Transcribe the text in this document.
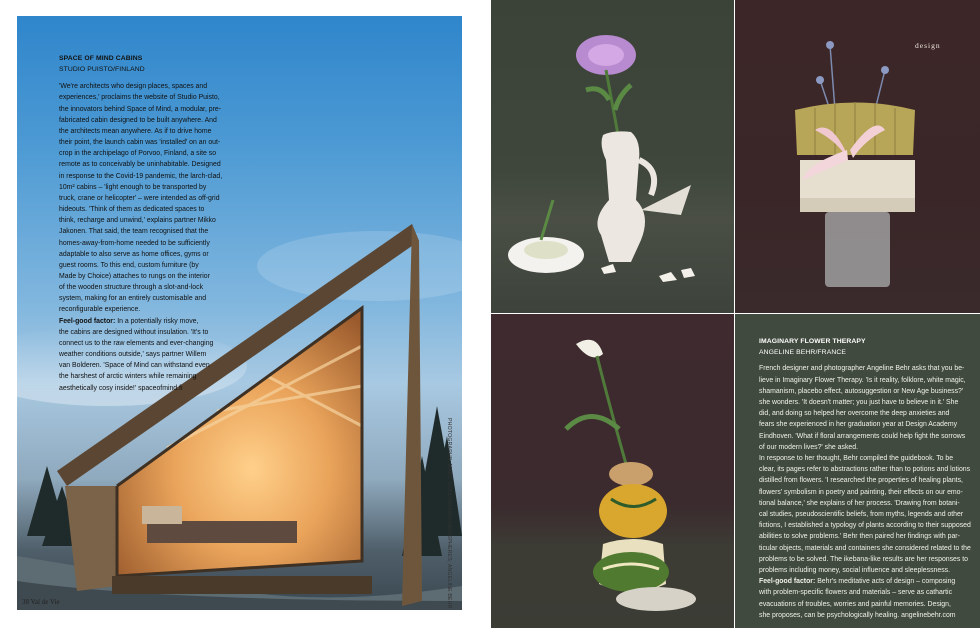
SPACE OF MIND CABINS
STUDIO PUISTO/FINLAND

'We're architects who design places, spaces and

experiences,' proclaims the website of Studio Puisto,

the innovators behind Space of Mind, a modular, pre-

fabricated cabin designed to be built anywhere. And

the architects mean anywhere. As if to drive home

their point, the launch cabin was 'installed' on an out-

crop in the archipelago of Porvoo, Finland, a site so

remote as to conceivably be uninhabitable. Designed

in response to the Covid-19 pandemic, the larch-clad,

10m² cabins – 'light enough to be transported by

truck, crane or helicopter' – were intended as off-grid

hideouts. 'Think of them as dedicated spaces to

think, recharge and unwind,' explains partner Mikko

Jakonen. That said, the team recognised that the

homes-away-from-home needed to be sufficiently

adaptable to also serve as home offices, gyms or

guest rooms. To this end, custom furniture (by

Made by Choice) attaches to rungs on the interior

of the wooden structure through a slot-and-lock

system, making for an entirely customisable and

reconfigurable experience.

Feel-good factor: In a potentially risky move,

the cabins are designed without insulation. 'It's to

connect us to the raw elements and ever-changing

weather conditions outside,' says partner Willem

van Bolderen. 'Space of Mind can withstand even

the harshest of arctic winters while remaining

aesthetically cosy inside!' spaceofmind.fi

PHOTOGRAPHS: MARC GOODWIN/ARCHMOSPHERES; ANGELINE BEHR
38 Val de Vie
design
IMAGINARY FLOWER THERAPY
ANGELINE BEHR/FRANCE

French designer and photographer Angeline Behr asks that you be-

lieve in Imaginary Flower Therapy. 'Is it reality, folklore, white magic,

shamanism, placebo effect, autosuggestion or New Age business?'

she wonders. 'It doesn't matter; you just have to believe in it.' She

did, and doing so helped her overcome the deep anxieties and

fears she experienced in her graduation year at Design Academy

Eindhoven. 'What if floral arrangements could help fight the sorrows

of our modern lives?' she asked.

In response to her thought, Behr compiled the guidebook. To be

clear, its pages refer to abstractions rather than to potions and lotions

distilled from flowers. 'I researched the properties of healing plants,

flowers' symbolism in poetry and painting, their effects on our emo-

tional balance,' she explains of her process. 'Drawing from botani-

cal studies, pseudoscientific beliefs, from myths, legends and other

fictions, I established a typology of plants according to their supposed

abilities to solve problems.' Behr then paired her findings with par-

ticular objects, materials and containers she considered related to the

problems to be solved. The ikebana-like results are her responses to

problems including money, social influence and sleeplessness.

Feel-good factor: Behr's meditative acts of design – composing

with problem-specific flowers and materials – serve as cathartic

evacuations of troubles, worries and painful memories. Design,

she proposes, can be psychologically healing. angelinebehr.com
